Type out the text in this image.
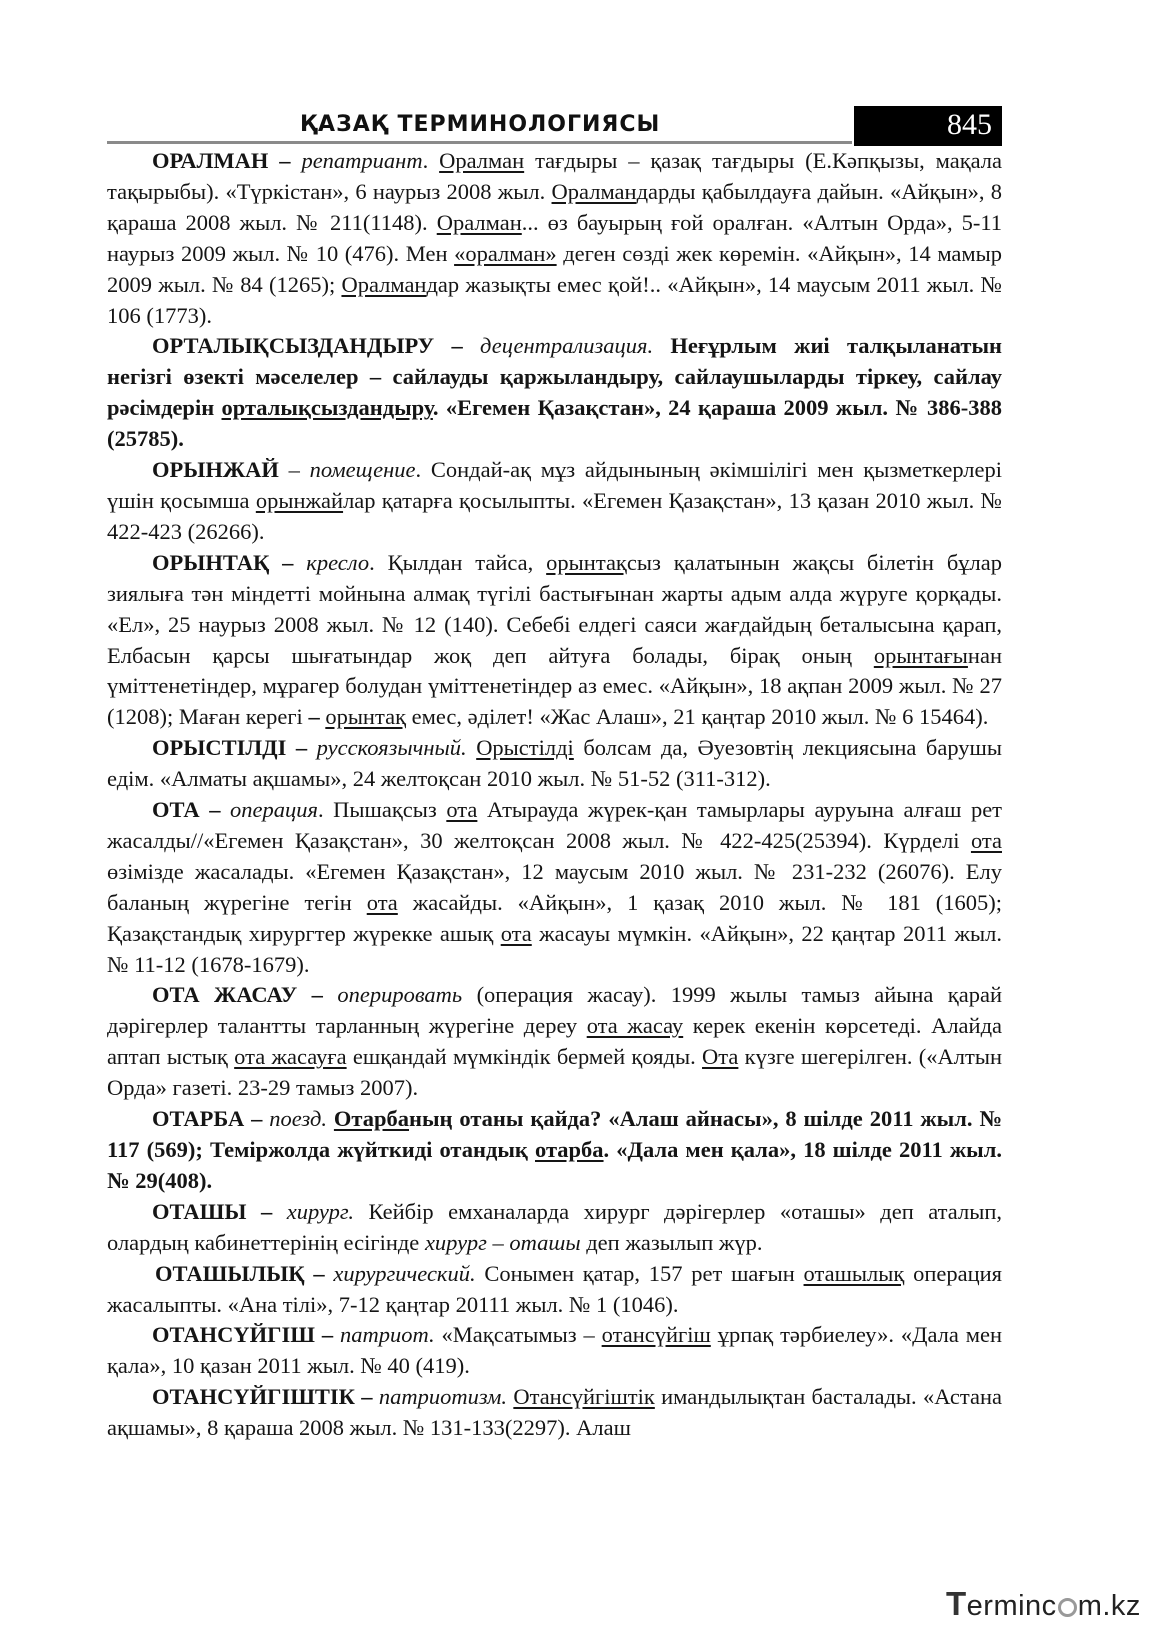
ҚАЗАҚ ТЕРМИНОЛОГИЯСЫ	845

ОРАЛМАН – репатриант. Оралман тағдыры – қазақ тағдыры (Е.Кәпқызы, мақала тақырыбы). «Түркістан», 6 наурыз 2008 жыл. Оралмандарды қабылдауға дайын. «Айқын», 8 қараша 2008 жыл. № 211(1148). Оралман... өз бауырың ғой оралған. «Алтын Орда», 5-11 наурыз 2009 жыл. № 10 (476). Мен «оралман» деген сөзді жек көремін. «Айқын», 14 мамыр 2009 жыл. № 84 (1265); Оралмандар жазықты емес қой!.. «Айқын», 14 маусым 2011 жыл. № 106 (1773).

ОРТАЛЫҚСЫЗДАНДЫРУ – децентрализация. Неғұрлым жиі талқыланатын негізгі өзекті мәселелер – сайлауды қаржыландыру, сайлаушыларды тіркеу, сайлау рәсімдерін орталықсыздандыру. «Егемен Қазақстан», 24 қараша 2009 жыл. № 386-388 (25785).

ОРЫНЖАЙ – помещение. Сондай-ақ мұз айдынының әкімшілігі мен қызметкерлері үшін қосымша орынжайлар қатарға қосылыпты. «Егемен Қазақстан», 13 қазан 2010 жыл. № 422-423 (26266).

ОРЫНТАҚ – кресло. Қылдан тайса, орынтақсыз қалатынын жақсы білетін бұлар зиялыға тән міндетті мойнына алмақ түгілі бастығынан жарты адым алда жүруге қорқады. «Ел», 25 наурыз 2008 жыл. № 12 (140). Себебі елдегі саяси жағдайдың беталысына қарап, Елбасын қарсы шығатындар жоқ деп айтуға болады, бірақ оның орынтағынан үміттенетіндер, мұрагер болудан үміттенетіндер аз емес. «Айқын», 18 ақпан 2009 жыл. № 27 (1208); Маған керегі – орынтақ емес, әділет! «Жас Алаш», 21 қаңтар 2010 жыл. № 6 15464).

ОРЫСТІЛДІ – русскоязычный. Орыстілді болсам да, Әуезовтің лекциясына барушы едім. «Алматы ақшамы», 24 желтоқсан 2010 жыл. № 51-52 (311-312).

ОТА – операция. Пышақсыз ота Атырауда жүрек-қан тамырлары ауруына алғаш рет жасалды//«Егемен Қазақстан», 30 желтоқсан 2008 жыл. № 422-425(25394). Күрделі ота өзімізде жасалады. «Егемен Қазақстан», 12 маусым 2010 жыл. № 231-232 (26076). Елу баланың жүрегіне тегін ота жасайды. «Айқын», 1 қазақ 2010 жыл. № 181 (1605); Қазақстандық хирургтер жүрекке ашық ота жасауы мүмкін. «Айқын», 22 қаңтар 2011 жыл. № 11-12 (1678-1679).

ОТА ЖАСАУ – оперировать (операция жасау). 1999 жылы тамыз айына қарай дәрігерлер талантты тарланның жүрегіне дереу ота жасау керек екенін көрсетеді. Алайда аптап ыстық ота жасауға ешқандай мүмкіндік бермей қояды. Ота күзге шегерілген. («Алтын Орда» газеті. 23-29 тамыз 2007).

ОТАРБА – поезд. Отарбаның отаны қайда? «Алаш айнасы», 8 шілде 2011 жыл. № 117 (569); Теміржолда жүйткиді отандық отарба. «Дала мен қала», 18 шілде 2011 жыл. № 29(408).

ОТАШЫ – хирург. Кейбір емханаларда хирург дәрігерлер «оташы» деп аталып, олардың кабинеттерінің есігінде хирург – оташы деп жазылып жүр.

ОТАШЫЛЫҚ – хирургический. Сонымен қатар, 157 рет шағын оташылық операция жасалыпты. «Ана тілі», 7-12 қаңтар 20111 жыл. № 1 (1046).

ОТАНСҮЙГІШ – патриот. «Мақсатымыз – отансүйгіш ұрпақ тәрбиелеу». «Дала мен қала», 10 қазан 2011 жыл. № 40 (419).

ОТАНСҮЙГІШТІК – патриотизм. Отансүйгіштік имандылықтан басталады. «Астана ақшамы», 8 қараша 2008 жыл. № 131-133(2297). Алаш

Terminc m.kz
